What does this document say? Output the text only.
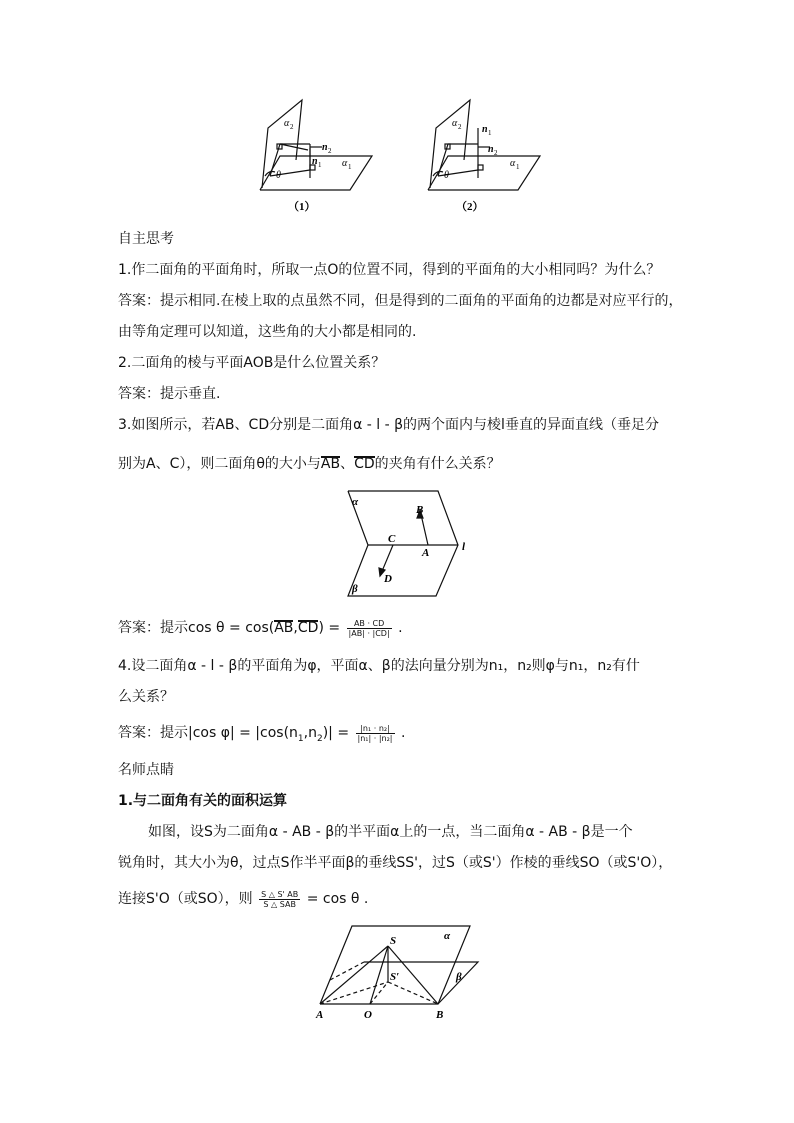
α 2
α 1
n 2
n 1
θ
（1）
α 2
α 1
n 2
n 1
θ
（2）
自主思考
1.作二面角的平面角时，所取一点O的位置不同，得到的平面角的大小相同吗？为什么？
答案：提示相同.在棱上取的点虽然不同，但是得到的二面角的平面角的边都是对应平行的，
由等角定理可以知道，这些角的大小都是相同的.
2.二面角的棱与平面AOB是什么位置关系？
答案：提示垂直.
3.如图所示，若AB、CD分别是二面角α - l - β的两个面内与棱l垂直的异面直线（垂足分
别为A、C），则二面角θ的大小与AB、CD的夹角有什么关系？
α
β
B
C
A
D
l
答案：提示$\cos \theta = \cos(AB,CD) = \frac{AB \cdot CD}{|AB| \cdot |CD|}$ .
4.设二面角α - l - β的平面角为φ，平面α、β的法向量分别为n₁，n₂则φ与n₁，n₂有什
么关系？
答案：提示|cos $\varphi| = |\cos(n_1,n_2)| = \frac{\text{|n₁ · n₂|}}{\text{|n₁| · |n₂|}}$ .
名师点睛
1.与二面角有关的面积运算
如图，设S为二面角α - AB - β的半平面α上的一点，当二面角α - AB - β是一个
锐角时，其大小为θ，过点S作半平面β的垂线SS'，过S（或S'）作棱的垂线SO（或S'O），
连接S'O（或SO），则 $\frac{S \triangle S' AB}{\text{S △ SAB}} = \cos \theta$ .
S	α
β
S′
A	O	B
